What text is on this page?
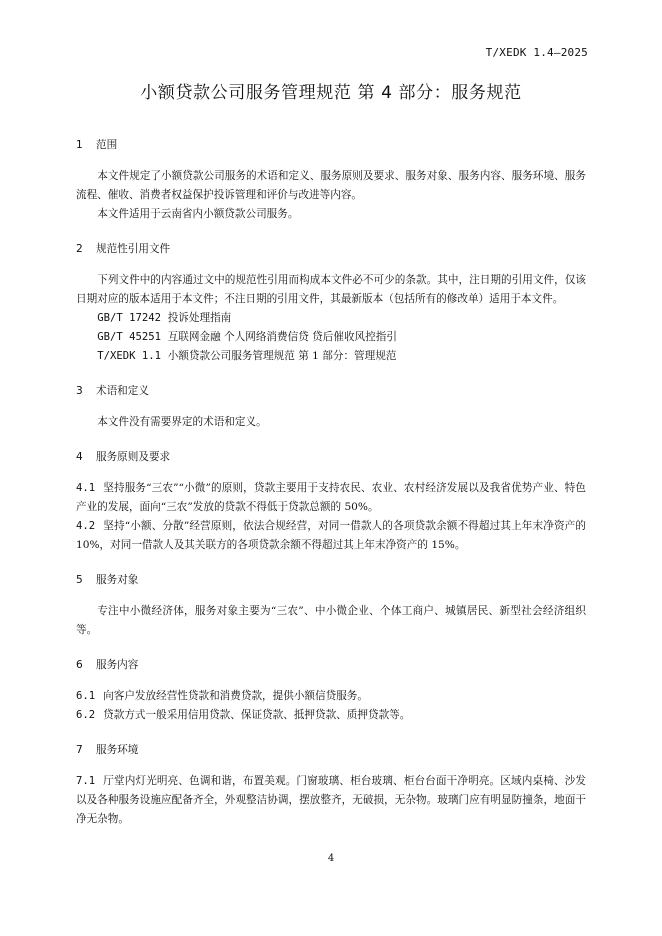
T/XEDK 1.4—2025
小额贷款公司服务管理规范 第 4 部分：服务规范
1 范围

本文件规定了小额贷款公司服务的术语和定义、服务原则及要求、服务对象、服务内容、服务环境、服务流程、催收、消费者权益保护投诉管理和评价与改进等内容。

本文件适用于云南省内小额贷款公司服务。

2 规范性引用文件

下列文件中的内容通过文中的规范性引用而构成本文件必不可少的条款。其中，注日期的引用文件，仅该日期对应的版本适用于本文件；不注日期的引用文件，其最新版本（包括所有的修改单）适用于本文件。

GB/T 17242 投诉处理指南

GB/T 45251 互联网金融 个人网络消费信贷 贷后催收风控指引

T/XEDK 1.1 小额贷款公司服务管理规范 第 1 部分：管理规范

3 术语和定义

本文件没有需要界定的术语和定义。

4 服务原则及要求

4.1 坚持服务“三农”“小微”的原则，贷款主要用于支持农民、农业、农村经济发展以及我省优势产业、特色产业的发展，面向“三农”发放的贷款不得低于贷款总额的 50%。

4.2 坚持“小额、分散”经营原则，依法合规经营，对同一借款人的各项贷款余额不得超过其上年末净资产的 10%，对同一借款人及其关联方的各项贷款余额不得超过其上年末净资产的 15%。

5 服务对象

专注中小微经济体，服务对象主要为“三农”、中小微企业、个体工商户、城镇居民、新型社会经济组织等。

6 服务内容

6.1 向客户发放经营性贷款和消费贷款，提供小额信贷服务。

6.2 贷款方式一般采用信用贷款、保证贷款、抵押贷款、质押贷款等。

7 服务环境

7.1 厅堂内灯光明亮、色调和谐，布置美观。门窗玻璃、柜台玻璃、柜台台面干净明亮。区域内桌椅、沙发以及各种服务设施应配备齐全，外观整洁协调，摆放整齐，无破损，无杂物。玻璃门应有明显防撞条，地面干净无杂物。

4
